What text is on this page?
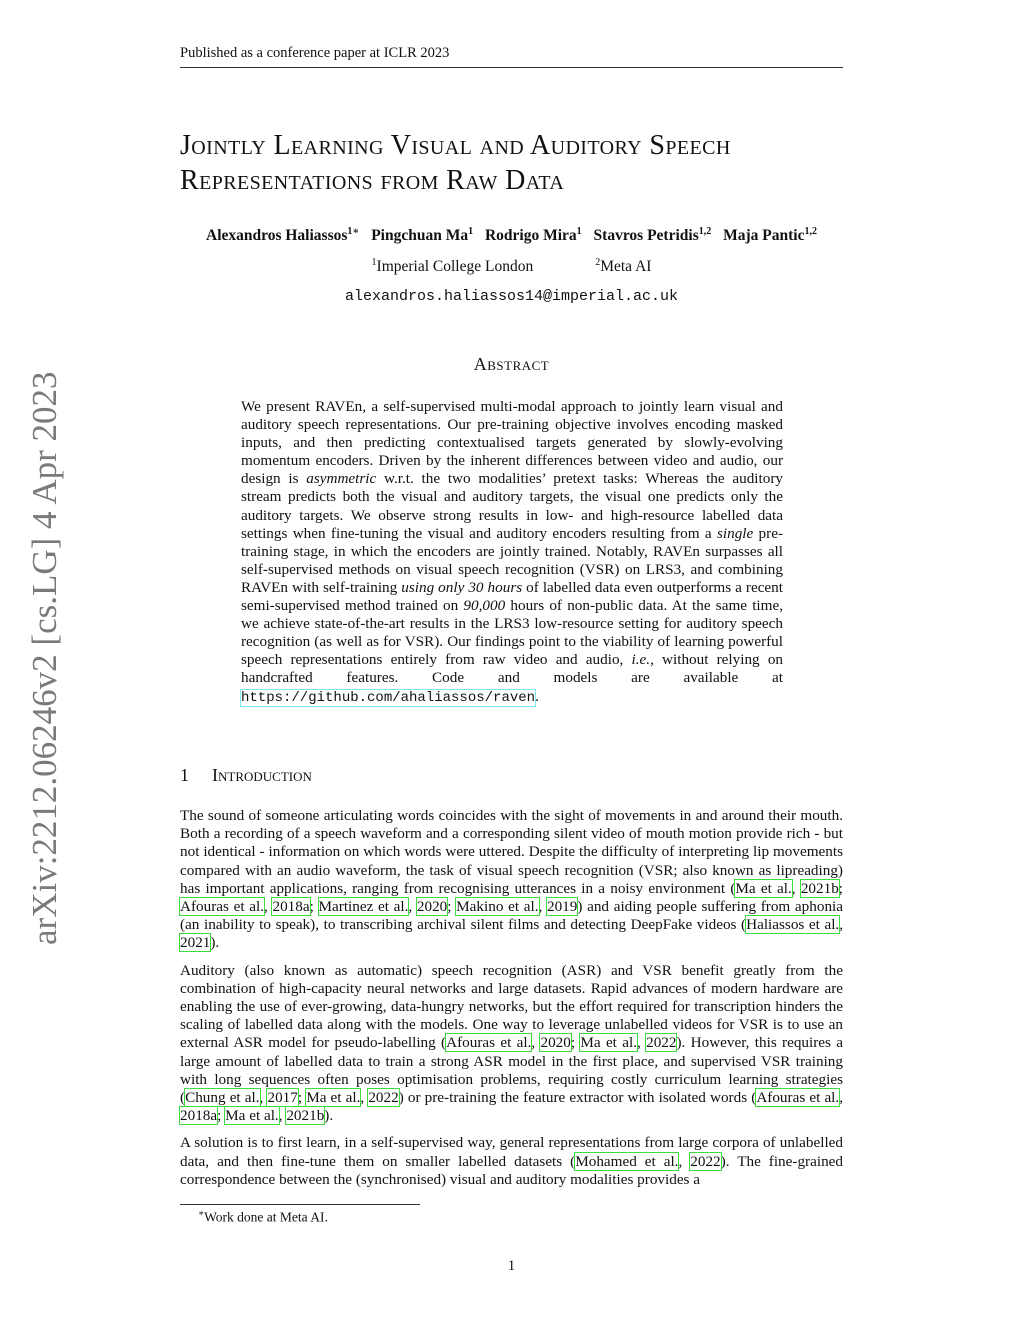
Published as a conference paper at ICLR 2023
arXiv:2212.06246v2 [cs.LG] 4 Apr 2023
Jointly Learning Visual and Auditory Speech
Representations from Raw Data
Alexandros Haliassos$^{1∗}$ Pingchuan Ma$^1$ Rodrigo Mira$^1$ Stavros Petridis$^{1,2}$ Maja Pantic$^{1,2}$
$^1$Imperial College London	$^2$Meta AI
alexandros.haliassos14@imperial.ac.uk
Abstract
We present RAVEn, a self-supervised multi-modal approach to jointly learn visual and auditory speech representations. Our pre-training objective involves encoding masked inputs, and then predicting contextualised targets generated by slowly-evolving momentum encoders. Driven by the inherent differences between video and audio, our design is asymmetric w.r.t. the two modalities’ pretext tasks: Whereas the auditory stream predicts both the visual and auditory targets, the visual one predicts only the auditory targets. We observe strong results in low- and high-resource labelled data settings when fine-tuning the visual and auditory encoders resulting from a single pre-training stage, in which the encoders are jointly trained. Notably, RAVEn surpasses all self-supervised methods on visual speech recognition (VSR) on LRS3, and combining RAVEn with self-training using only 30 hours of labelled data even outperforms a recent semi-supervised method trained on 90,000 hours of non-public data. At the same time, we achieve state-of-the-art results in the LRS3 low-resource setting for auditory speech recognition (as well as for VSR). Our findings point to the viability of learning powerful speech representations entirely from raw video and audio, i.e., without relying on handcrafted features. Code and models are available at https://github.com/ahaliassos/raven.
1 Introduction

The sound of someone articulating words coincides with the sight of movements in and around their mouth. Both a recording of a speech waveform and a corresponding silent video of mouth motion provide rich - but not identical - information on which words were uttered. Despite the difficulty of interpreting lip movements compared with an audio waveform, the task of visual speech recognition (VSR; also known as lipreading) has important applications, ranging from recognising utterances in a noisy environment (Ma et al., 2021b; Afouras et al., 2018a; Martinez et al., 2020; Makino et al., 2019) and aiding people suffering from aphonia (an inability to speak), to transcribing archival silent films and detecting DeepFake videos (Haliassos et al., 2021).

Auditory (also known as automatic) speech recognition (ASR) and VSR benefit greatly from the combination of high-capacity neural networks and large datasets. Rapid advances of modern hardware are enabling the use of ever-growing, data-hungry networks, but the effort required for transcription hinders the scaling of labelled data along with the models. One way to leverage unlabelled videos for VSR is to use an external ASR model for pseudo-labelling (Afouras et al., 2020; Ma et al., 2022). However, this requires a large amount of labelled data to train a strong ASR model in the first place, and supervised VSR training with long sequences often poses optimisation problems, requiring costly curriculum learning strategies (Chung et al., 2017; Ma et al., 2022) or pre-training the feature extractor with isolated words (Afouras et al., 2018a; Ma et al., 2021b).

A solution is to first learn, in a self-supervised way, general representations from large corpora of unlabelled data, and then fine-tune them on smaller labelled datasets (Mohamed et al., 2022). The fine-grained correspondence between the (synchronised) visual and auditory modalities provides a

∗Work done at Meta AI.
1
